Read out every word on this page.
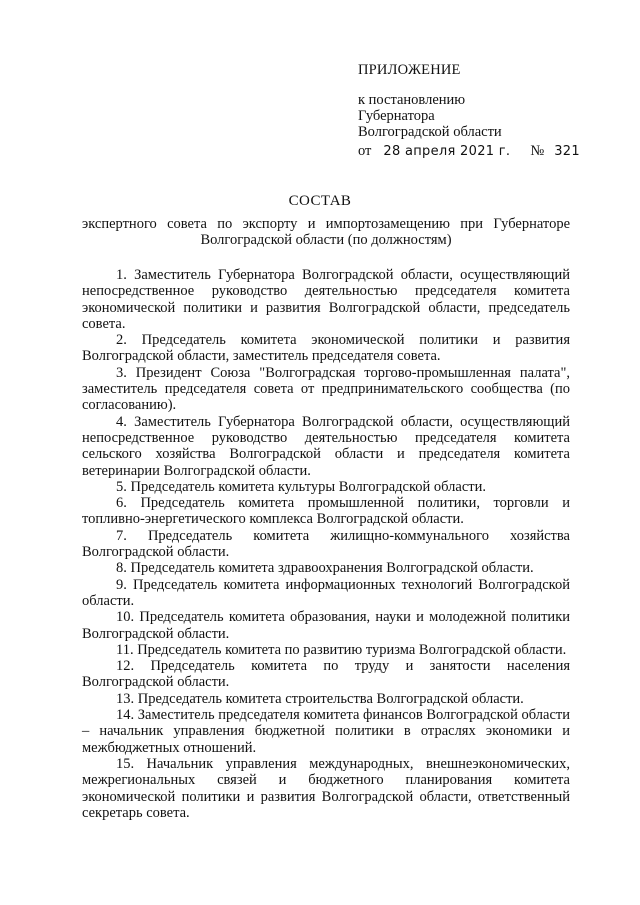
ПРИЛОЖЕНИЕ
к постановлению
Губернатора
Волгоградской области
от 28 апреля 2021 г. № 321
СОСТАВ
экспертного совета по экспорту и импортозамещению при Губернаторе Волгоградской области (по должностям)

1. Заместитель Губернатора Волгоградской области, осуществляющий непосредственное руководство деятельностью председателя комитета экономической политики и развития Волгоградской области, председатель совета.

2. Председатель комитета экономической политики и развития Волгоградской области, заместитель председателя совета.

3. Президент Союза "Волгоградская торгово-промышленная палата", заместитель председателя совета от предпринимательского сообщества (по согласованию).

4. Заместитель Губернатора Волгоградской области, осуществляющий непосредственное руководство деятельностью председателя комитета сельского хозяйства Волгоградской области и председателя комитета ветеринарии Волгоградской области.

5. Председатель комитета культуры Волгоградской области.

6. Председатель комитета промышленной политики, торговли и топливно-энергетического комплекса Волгоградской области.

7. Председатель комитета жилищно-коммунального хозяйства Волгоградской области.

8. Председатель комитета здравоохранения Волгоградской области.

9. Председатель комитета информационных технологий Волгоградской области.

10. Председатель комитета образования, науки и молодежной политики Волгоградской области.

11. Председатель комитета по развитию туризма Волгоградской области.

12. Председатель комитета по труду и занятости населения Волгоградской области.

13. Председатель комитета строительства Волгоградской области.

14. Заместитель председателя комитета финансов Волгоградской области – начальник управления бюджетной политики в отраслях экономики и межбюджетных отношений.

15. Начальник управления международных, внешнеэкономических, межрегиональных связей и бюджетного планирования комитета экономической политики и развития Волгоградской области, ответственный секретарь совета.
